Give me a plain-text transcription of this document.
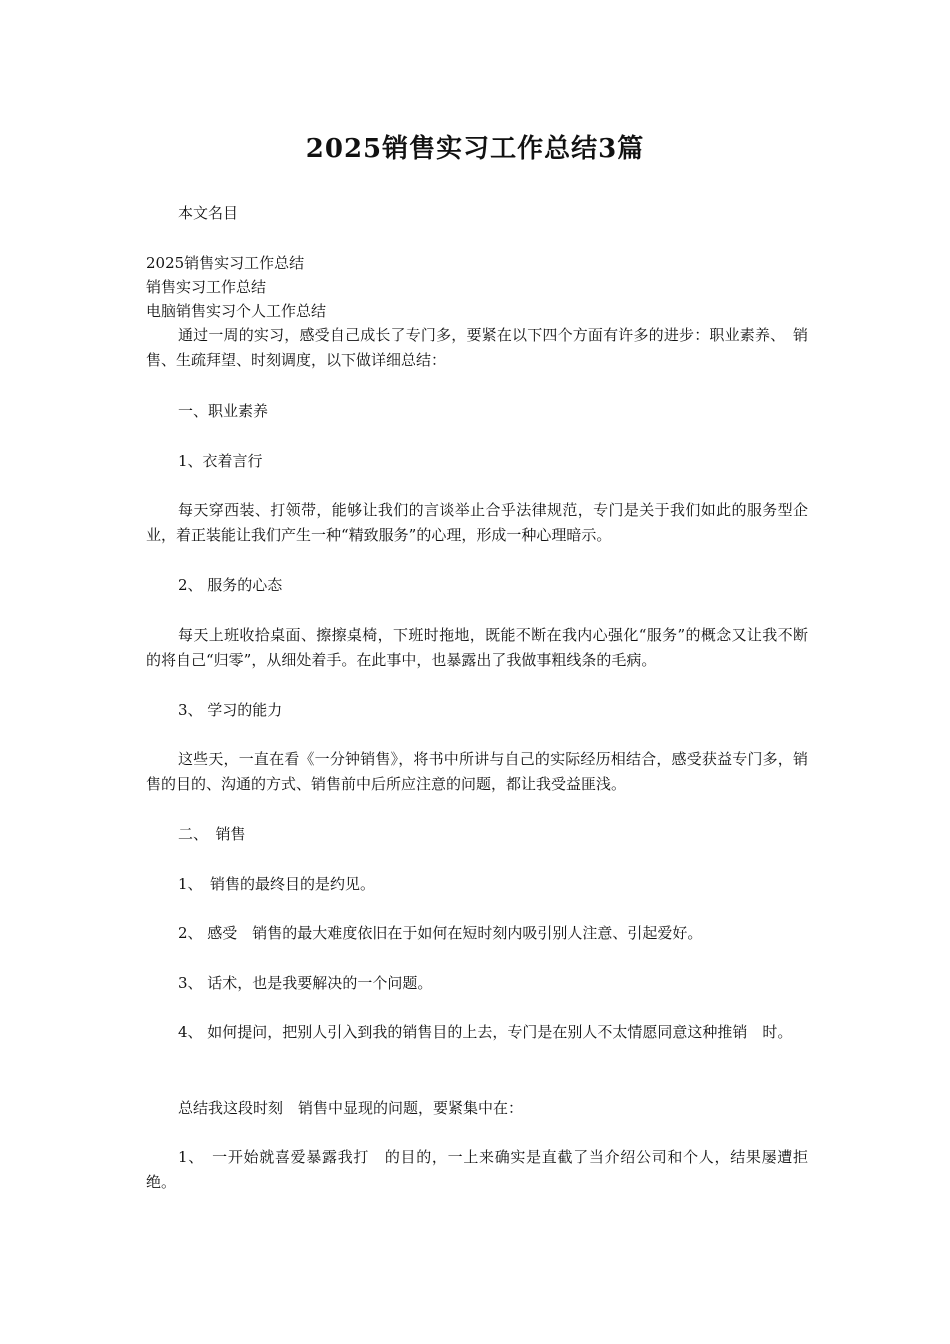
2025销售实习工作总结3篇

本文名目

2025销售实习工作总结

销售实习工作总结

电脑销售实习个人工作总结

通过一周的实习，感受自己成长了专门多，要紧在以下四个方面有许多的进步：职业素养、　销售、生疏拜望、时刻调度，以下做详细总结：

一、职业素养

1、衣着言行

每天穿西装、打领带，能够让我们的言谈举止合乎法律规范，专门是关于我们如此的服务型企业，着正装能让我们产生一种“精致服务”的心理，形成一种心理暗示。

2、 服务的心态

每天上班收拾桌面、擦擦桌椅，下班时拖地，既能不断在我内心强化“服务”的概念又让我不断的将自己“归零”，从细处着手。在此事中，也暴露出了我做事粗线条的毛病。

3、 学习的能力

这些天，一直在看《一分钟销售》，将书中所讲与自己的实际经历相结合，感受获益专门多，销售的目的、沟通的方式、销售前中后所应注意的问题，都让我受益匪浅。

二、　销售

1、　销售的最终目的是约见。

2、 感受　销售的最大难度依旧在于如何在短时刻内吸引别人注意、引起爱好。

3、 话术，也是我要解决的一个问题。

4、 如何提问，把别人引入到我的销售目的上去，专门是在别人不太情愿同意这种推销　时。

总结我这段时刻　销售中显现的问题，要紧集中在：

1、　一开始就喜爱暴露我打　的目的，一上来确实是直截了当介绍公司和个人，结果屡遭拒绝。
